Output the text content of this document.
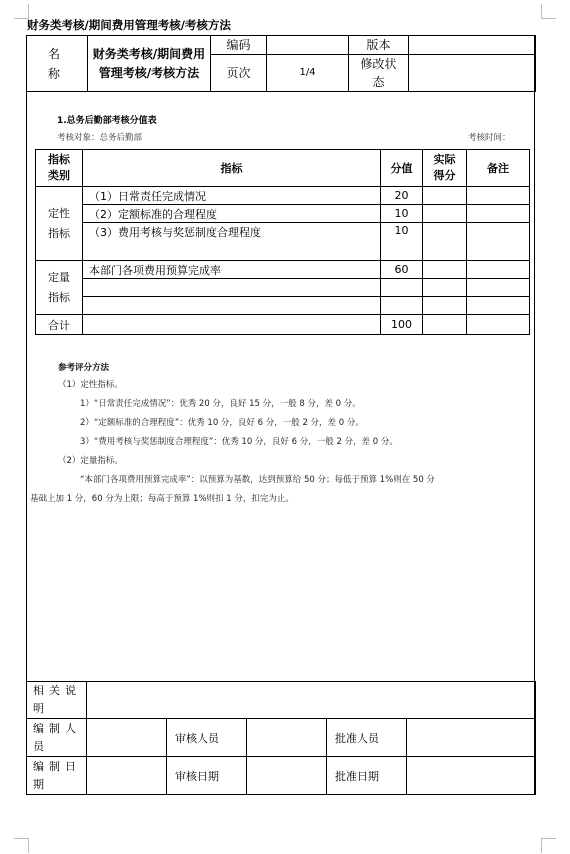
财务类考核/期间费用管理考核/考核方法
名称	财务类考核/期间费用管理考核/考核方法	编码		版本	
		页次	1/4	修改状态	
1.总务后勤部考核分值表
考核对象：总务后勤部	考核时间：
指标类别	指标	分值	实际得分	备注
定性指标	（1）日常责任完成情况	20		
	（2）定额标准的合理程度	10		
	（3）费用考核与奖惩制度合理程度	10		

定量指标	本部门各项费用预算完成率	60		

合计		100		
参考评分方法
（1）定性指标。
1）“日常责任完成情况”：优秀 20 分，良好 15 分，一般 8 分，差 0 分。
2）“定额标准的合理程度”：优秀 10 分，良好 6 分，一般 2 分，差 0 分。
3）“费用考核与奖惩制度合理程度”：优秀 10 分，良好 6 分，一般 2 分，差 0 分。
（2）定量指标。
“本部门各项费用预算完成率”：以预算为基数，达到预算给 50 分；每低于预算 1%则在 50 分
基础上加 1 分，60 分为上限；每高于预算 1%则扣 1 分，扣完为止。
相关说明					
编制人员		审核人员		批准人员	
编制日期		审核日期		批准日期	
